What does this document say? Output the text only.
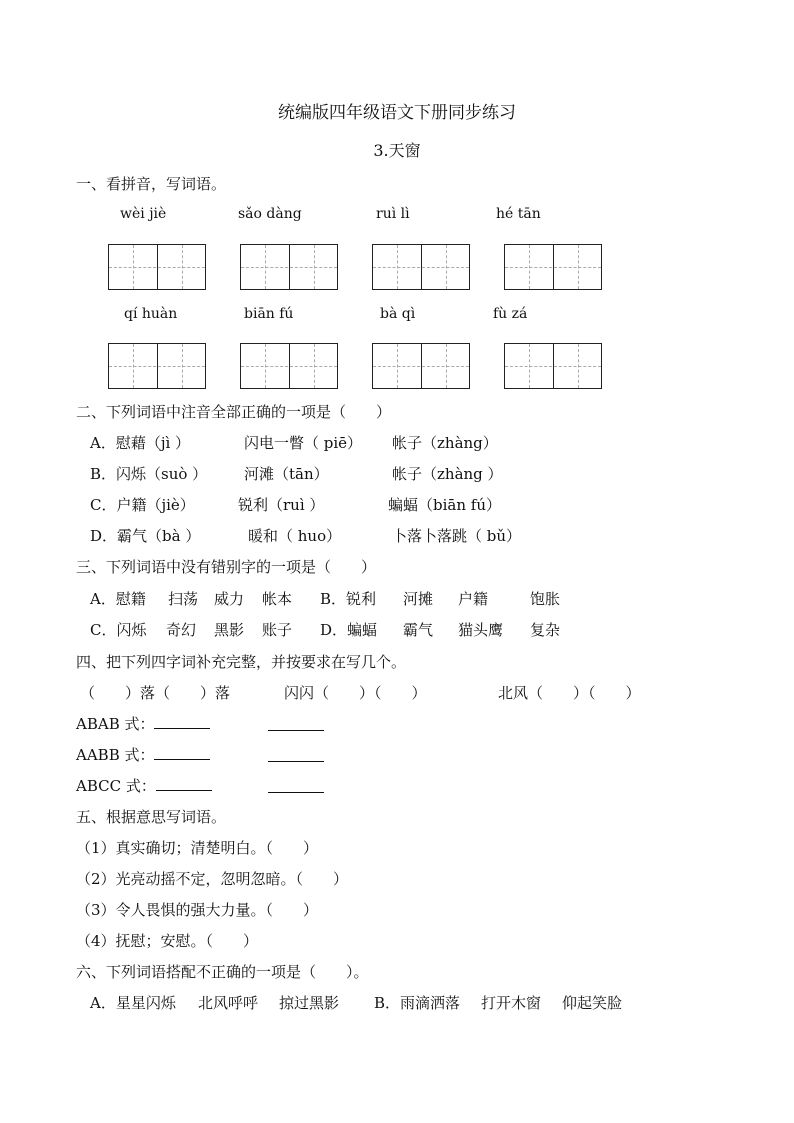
统编版四年级语文下册同步练习
3.天窗
一、看拼音，写词语。
wèi jiè	sǎo dàng	ruì lì	hé tān
qí huàn	biān fú	bà qì	fù zá
二、下列词语中注音全部正确的一项是（　　）
A．慰藉（jì ）	闪电一瞥（ piē） 帐子（zhàng）
B．闪烁（suò ） 河滩（tān）	帐子（zhàng ）
C．户籍（jiè）	锐利（ruì ）	蝙蝠（biān fú）
D．霸气（bà ）	暖和（ huo）	卜落卜落跳（ bǔ）
三、下列词语中没有错别字的一项是（　　）
A．慰籍 扫荡 威力 帐本 B．锐利 河摊 户籍	饱胀
C．闪烁 奇幻 黑影 账子 D．蝙蝠 霸气 猫头鹰 复杂
四、把下列四字词补充完整，并按要求在写几个。
（　　）落（　　）落	闪闪（　　）（　　）	北风（　　）（　　）
ABAB 式：
AABB 式：
ABCC 式：
五、根据意思写词语。
（1）真实确切；清楚明白。（　　）
（2）光亮动摇不定，忽明忽暗。（　　）
（3）令人畏惧的强大力量。（　　）
（4）抚慰；安慰。（　　）
六、下列词语搭配不正确的一项是（　　）。
A．星星闪烁 北风呼呼 掠过黑影 B．雨滴洒落 打开木窗 仰起笑脸
